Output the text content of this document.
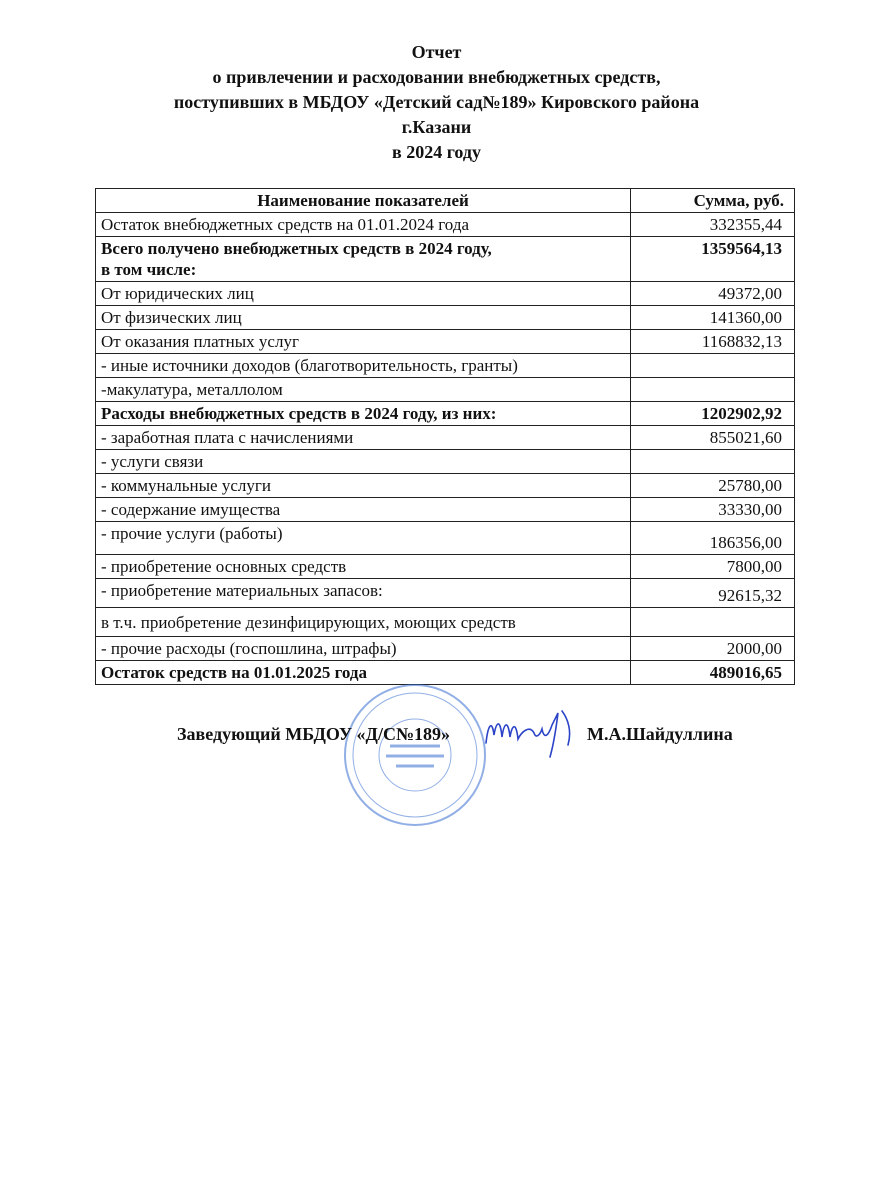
Отчет
о привлечении и расходовании внебюджетных средств,
поступивших в МБДОУ «Детский сад№189» Кировского района
г.Казани
в 2024 году
Наименование показателей	Сумма, руб.
Остаток внебюджетных средств на 01.01.2024 года	332355,44

Всего получено внебюджетных средств в 2024 году,
в том числе:	1359564,13
От юридических лиц	49372,00
От физических лиц	141360,00
От оказания платных услуг	1168832,13
- иные источники доходов (благотворительность, гранты)	
-макулатура, металлолом	
Расходы внебюджетных средств в 2024 году, из них:	1202902,92
- заработная плата с начислениями	855021,60
- услуги связи	
- коммунальные услуги	25780,00
- содержание имущества	33330,00
- прочие услуги (работы)	186356,00
- приобретение основных средств	7800,00
- приобретение материальных запасов:	92615,32
в т.ч. приобретение дезинфицирующих, моющих средств	
- прочие расходы (госпошлина, штрафы)	2000,00
Остаток средств на 01.01.2025 года	489016,65
Заведующий МБДОУ «Д/С№189»	М.А.Шайдуллина
